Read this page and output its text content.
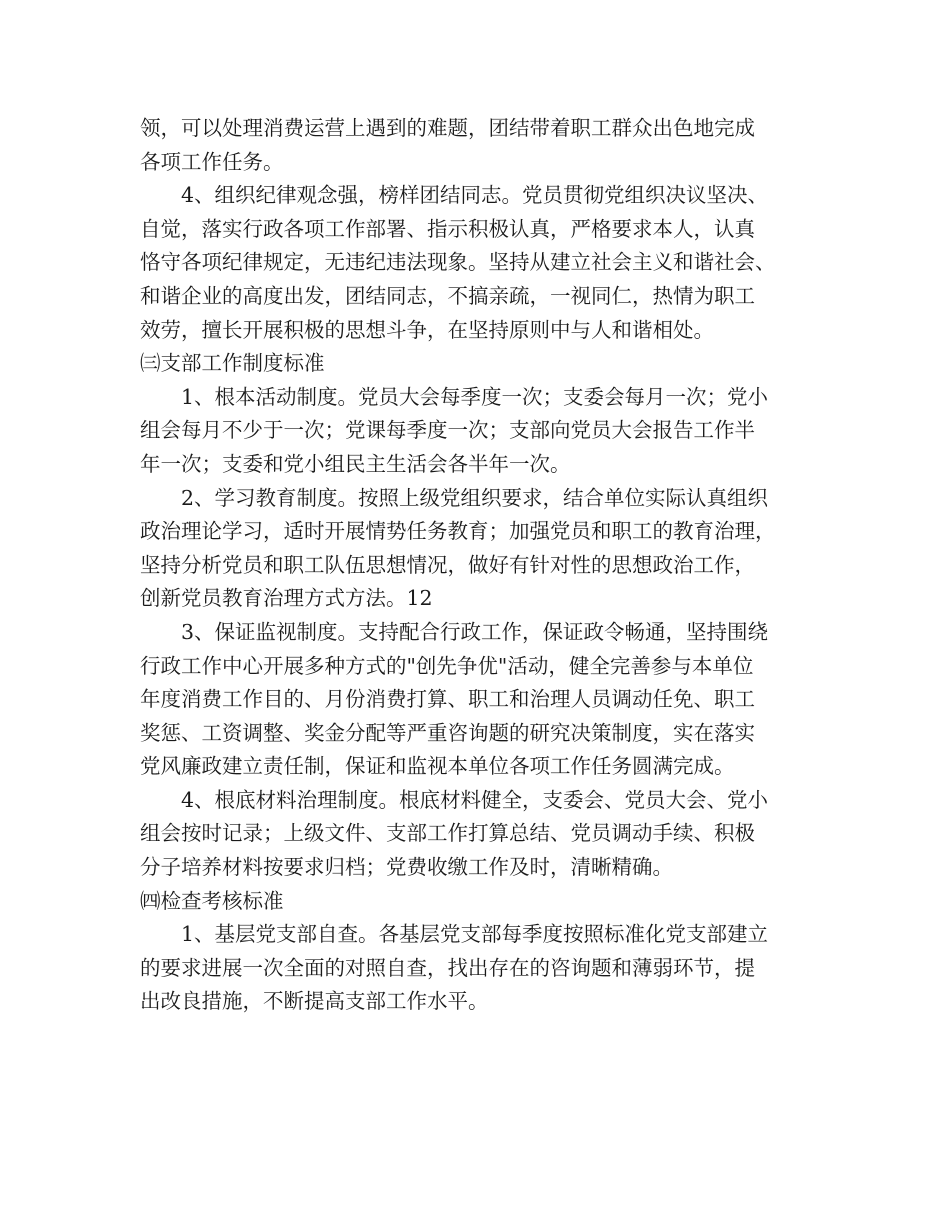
领，可以处理消费运营上遇到的难题，团结带着职工群众出色地完成
各项工作任务。
4、组织纪律观念强，榜样团结同志。党员贯彻党组织决议坚决、
自觉，落实行政各项工作部署、指示积极认真，严格要求本人，认真
恪守各项纪律规定，无违纪违法现象。坚持从建立社会主义和谐社会、
和谐企业的高度出发，团结同志，不搞亲疏，一视同仁，热情为职工
效劳，擅长开展积极的思想斗争，在坚持原则中与人和谐相处。
㈢支部工作制度标准
1、根本活动制度。党员大会每季度一次；支委会每月一次；党小
组会每月不少于一次；党课每季度一次；支部向党员大会报告工作半
年一次；支委和党小组民主生活会各半年一次。
2、学习教育制度。按照上级党组织要求，结合单位实际认真组织
政治理论学习，适时开展情势任务教育；加强党员和职工的教育治理，
坚持分析党员和职工队伍思想情况，做好有针对性的思想政治工作，
创新党员教育治理方式方法。12
3、保证监视制度。支持配合行政工作，保证政令畅通，坚持围绕
行政工作中心开展多种方式的"创先争优"活动，健全完善参与本单位
年度消费工作目的、月份消费打算、职工和治理人员调动任免、职工
奖惩、工资调整、奖金分配等严重咨询题的研究决策制度，实在落实
党风廉政建立责任制，保证和监视本单位各项工作任务圆满完成。
4、根底材料治理制度。根底材料健全，支委会、党员大会、党小
组会按时记录；上级文件、支部工作打算总结、党员调动手续、积极
分子培养材料按要求归档；党费收缴工作及时，清晰精确。
㈣检查考核标准
1、基层党支部自查。各基层党支部每季度按照标准化党支部建立
的要求进展一次全面的对照自查，找出存在的咨询题和薄弱环节，提
出改良措施，不断提高支部工作水平。
